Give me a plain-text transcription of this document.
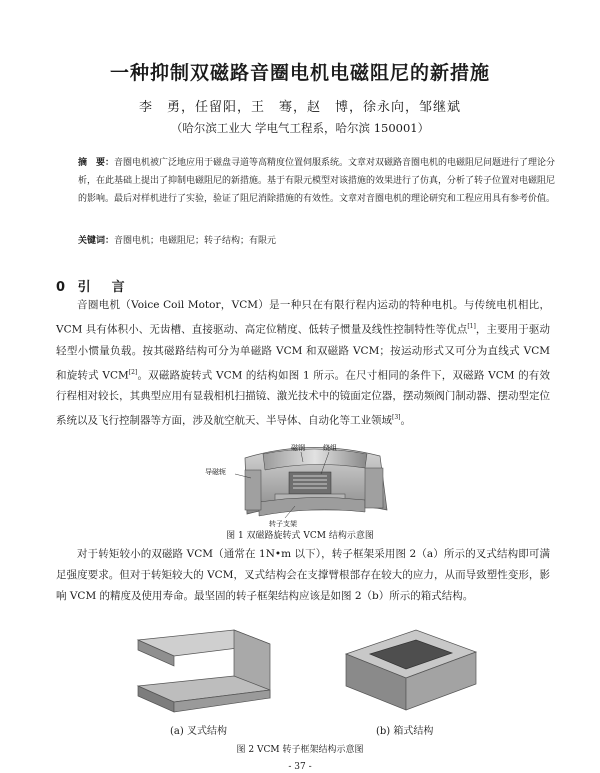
一种抑制双磁路音圈电机电磁阻尼的新措施
李　勇，任留阳，王　骞，赵　博，徐永向，邹继斌
（哈尔滨工业大 学电气工程系，哈尔滨 150001）
摘　要：音圈电机被广泛地应用于磁盘寻道等高精度位置伺服系统。文章对双磁路音圈电机的电磁阻尼问题进行了理论分析，在此基础上提出了抑制电磁阻尼的新措施。基于有限元模型对该措施的效果进行了仿真，分析了转子位置对电磁阻尼的影响。最后对样机进行了实验，验证了阻尼消除措施的有效性。文章对音圈电机的理论研究和工程应用具有参考价值。
关键词：音圈电机；电磁阻尼；转子结构；有限元
0 引　言
音圈电机（Voice Coil Motor，VCM）是一种只在有限行程内运动的特种电机。与传统电机相比，VCM 具有体积小、无齿槽、直接驱动、高定位精度、低转子惯量及线性控制特性等优点[1]，主要用于驱动轻型小惯量负载。按其磁路结构可分为单磁路 VCM 和双磁路 VCM；按运动形式又可分为直线式 VCM 和旋转式 VCM[2]。双磁路旋转式 VCM 的结构如图 1 所示。在尺寸相同的条件下，双磁路 VCM 的有效行程相对较长，其典型应用有显载相机扫描镜、激光技术中的镜面定位器，摆动频阀门制动器、摆动型定位系统以及飞行控制器等方面，涉及航空航天、半导体、自动化等工业领域[3]。
导磁轭
磁钢	绕组
转子支架
图 1 双磁路旋转式 VCM 结构示意图
对于转矩较小的双磁路 VCM（通常在 1N•m 以下），转子框架采用图 2（a）所示的叉式结构即可满足强度要求。但对于转矩较大的 VCM，叉式结构会在支撑臂根部存在较大的应力，从而导致塑性变形，影响 VCM 的精度及使用寿命。最坚固的转子框架结构应该是如图 2（b）所示的箱式结构。
(a) 叉式结构	(b) 箱式结构
图 2 VCM 转子框架结构示意图
- 37 -
